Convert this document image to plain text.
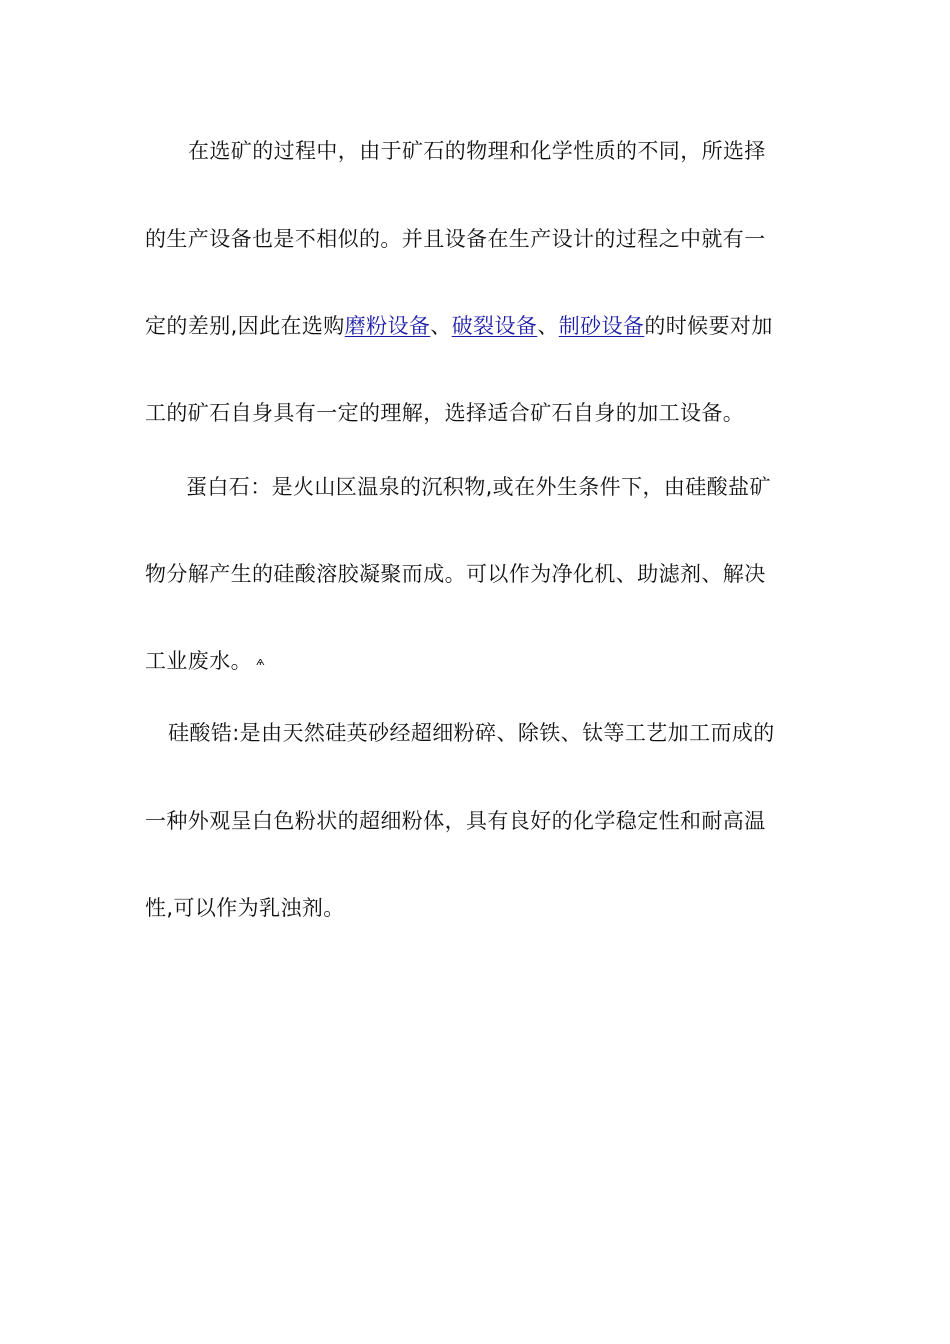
在选矿的过程中，由于矿石的物理和化学性质的不同，所选择
的生产设备也是不相似的。并且设备在生产设计的过程之中就有一
定的差别,因此在选购磨粉设备、破裂设备、制砂设备的时候要对加
工的矿石自身具有一定的理解，选择适合矿石自身的加工设备。
蛋白石：是火山区温泉的沉积物,或在外生条件下，由硅酸盐矿
物分解产生的硅酸溶胶凝聚而成。可以作为净化机、助滤剂、解决
工业废水。 ѧ
硅酸锆:是由天然硅英砂经超细粉碎、除铁、钛等工艺加工而成的
一种外观呈白色粉状的超细粉体，具有良好的化学稳定性和耐高温
性,可以作为乳浊剂。
